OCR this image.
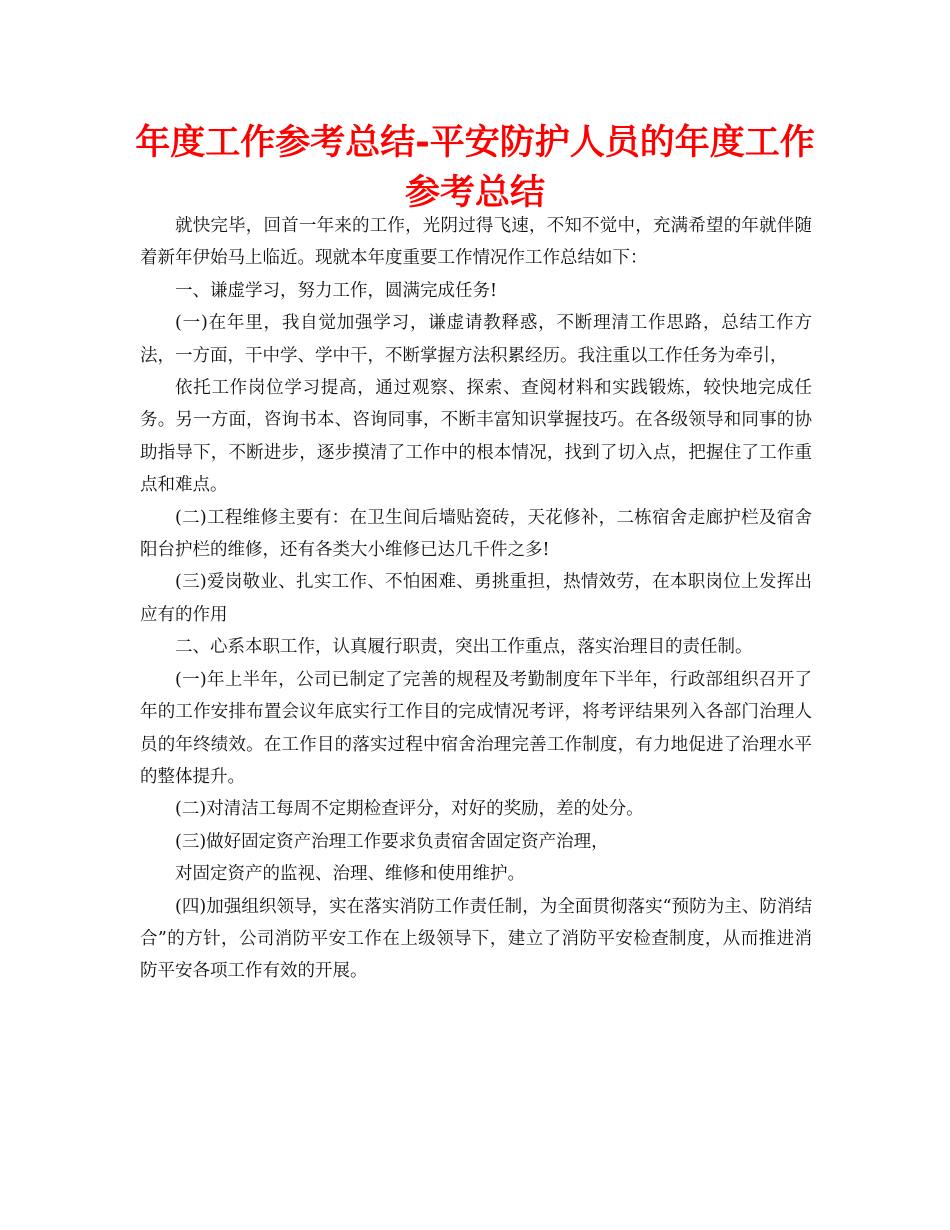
年度工作参考总结-平安防护人员的年度工作参考总结

就快完毕，回首一年来的工作，光阴过得飞速，不知不觉中，充满希望的年就伴随着新年伊始马上临近。现就本年度重要工作情况作工作总结如下：

一、谦虚学习，努力工作，圆满完成任务!

(一)在年里，我自觉加强学习，谦虚请教释惑，不断理清工作思路，总结工作方法，一方面，干中学、学中干，不断掌握方法积累经历。我注重以工作任务为牵引，

依托工作岗位学习提高，通过观察、探索、查阅材料和实践锻炼，较快地完成任务。另一方面，咨询书本、咨询同事，不断丰富知识掌握技巧。在各级领导和同事的协助指导下，不断进步，逐步摸清了工作中的根本情况，找到了切入点，把握住了工作重点和难点。

(二)工程维修主要有：在卫生间后墙贴瓷砖，天花修补，二栋宿舍走廊护栏及宿舍阳台护栏的维修，还有各类大小维修已达几千件之多!

(三)爱岗敬业、扎实工作、不怕困难、勇挑重担，热情效劳，在本职岗位上发挥出应有的作用

二、心系本职工作，认真履行职责，突出工作重点，落实治理目的责任制。

(一)年上半年，公司已制定了完善的规程及考勤制度年下半年，行政部组织召开了年的工作安排布置会议年底实行工作目的完成情况考评，将考评结果列入各部门治理人员的年终绩效。在工作目的落实过程中宿舍治理完善工作制度，有力地促进了治理水平的整体提升。

(二)对清洁工每周不定期检查评分，对好的奖励，差的处分。

(三)做好固定资产治理工作要求负责宿舍固定资产治理，

对固定资产的监视、治理、维修和使用维护。

(四)加强组织领导，实在落实消防工作责任制，为全面贯彻落实“预防为主、防消结合”的方针，公司消防平安工作在上级领导下，建立了消防平安检查制度，从而推进消防平安各项工作有效的开展。
